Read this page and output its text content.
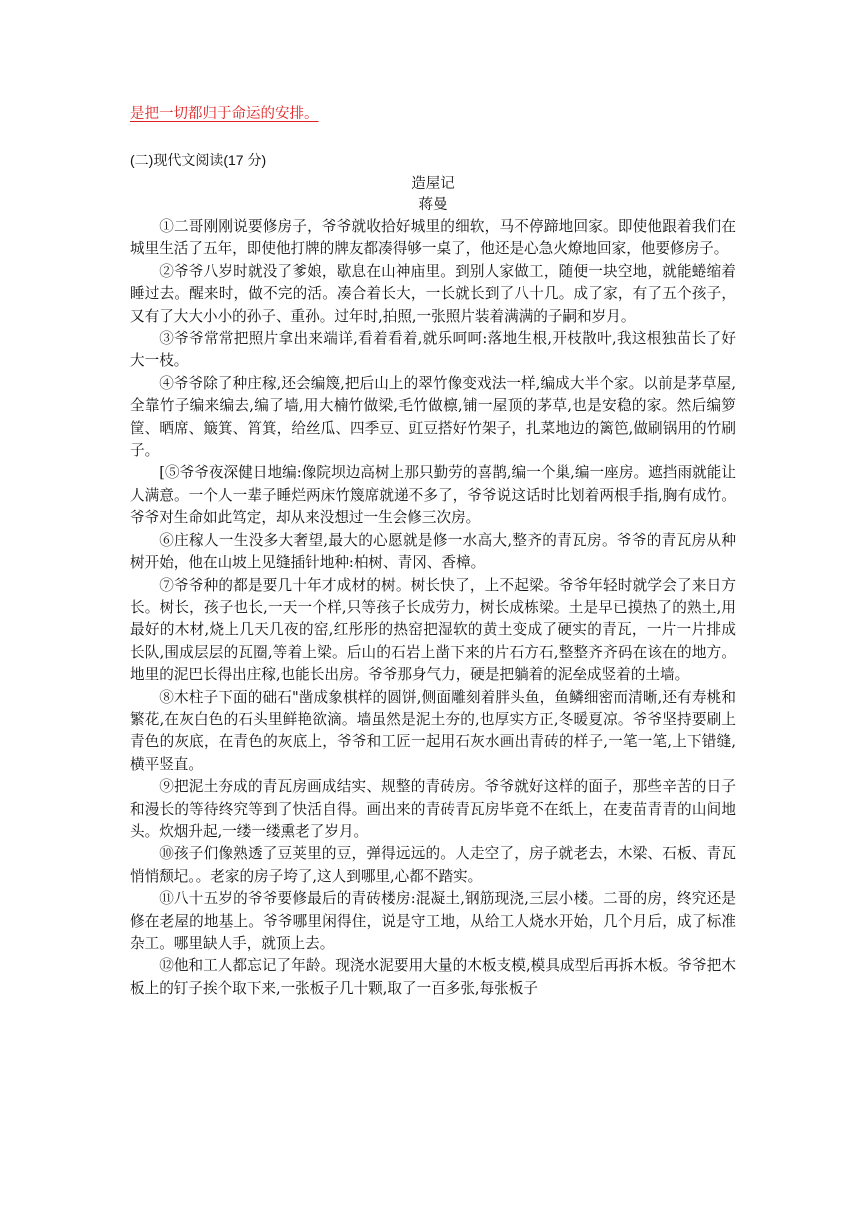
是把一切都归于命运的安排。
(二)现代文阅读(17 分)
造屋记
蒋曼

①二哥刚刚说要修房子，爷爷就收拾好城里的细软，马不停蹄地回家。即使他跟着我们在城里生活了五年，即使他打牌的牌友都凑得够一桌了，他还是心急火燎地回家，他要修房子。

②爷爷八岁时就没了爹娘，歇息在山神庙里。到别人家做工，随便一块空地，就能蜷缩着睡过去。醒来时，做不完的活。凑合着长大，一长就长到了八十几。成了家，有了五个孩子，又有了大大小小的孙子、重孙。过年时,拍照,一张照片装着满满的子嗣和岁月。

③爷爷常常把照片拿出来端详,看着看着,就乐呵呵:落地生根,开枝散叶,我这根独苗长了好大一枝。

④爷爷除了种庄稼,还会编篾,把后山上的翠竹像变戏法一样,编成大半个家。以前是茅草屋,全靠竹子编来编去,编了墙,用大楠竹做梁,毛竹做檩,铺一屋顶的茅草,也是安稳的家。然后编箩筐、晒席、簸箕、筲箕，给丝瓜、四季豆、豇豆搭好竹架子，扎菜地边的篱笆,做刷锅用的竹刷子。

[⑤爷爷夜深健日地编:像院坝边高树上那只勤劳的喜鹊,编一个巢,编一座房。遮挡雨就能让人满意。一个人一辈子睡烂两床竹篾席就递不多了，爷爷说这话时比划着两根手指,胸有成竹。爷爷对生命如此笃定，却从来没想过一生会修三次房。

⑥庄稼人一生没多大奢望,最大的心愿就是修一水高大,整齐的青瓦房。爷爷的青瓦房从种树开始，他在山坡上见缝插针地种:柏树、青冈、香樟。

⑦爷爷种的都是要几十年才成材的树。树长快了，上不起梁。爷爷年轻时就学会了来日方长。树长，孩子也长,一天一个样,只等孩子长成劳力，树长成栋梁。土是早已摸热了的熟土,用最好的木材,烧上几天几夜的窑,红彤彤的热窑把湿软的黄土变成了硬实的青瓦，一片一片排成长队,围成层层的瓦圈,等着上梁。后山的石岩上凿下来的片石方石,整整齐齐码在该在的地方。地里的泥巴长得出庄稼,也能长出房。爷爷那身气力，硬是把躺着的泥垒成竖着的土墙。

⑧木柱子下面的础石"凿成象棋样的圆饼,侧面雕刻着胖头鱼，鱼鳞细密而清晰,还有寿桃和繁花,在灰白色的石头里鲜艳欲滴。墙虽然是泥土夯的,也厚实方正,冬暖夏凉。爷爷坚持要刷上青色的灰底，在青色的灰底上，爷爷和工匠一起用石灰水画出青砖的样子,一笔一笔,上下错缝,横平竖直。

⑨把泥土夯成的青瓦房画成结实、规整的青砖房。爷爷就好这样的面子，那些辛苦的日子和漫长的等待终究等到了快活自得。画出来的青砖青瓦房毕竟不在纸上，在麦苗青青的山间地头。炊烟升起,一缕一缕熏老了岁月。

⑩孩子们像熟透了豆荚里的豆，弹得远远的。人走空了，房子就老去，木梁、石板、青瓦悄悄颓圮。。老家的房子垮了,这人到哪里,心都不踏实。

⑪八十五岁的爷爷要修最后的青砖楼房:混凝土,钢筋现浇,三层小楼。二哥的房，终究还是修在老屋的地基上。爷爷哪里闲得住，说是守工地，从给工人烧水开始，几个月后，成了标准杂工。哪里缺人手，就顶上去。

⑫他和工人都忘记了年龄。现浇水泥要用大量的木板支模,模具成型后再拆木板。爷爷把木板上的钉子挨个取下来,一张板子几十颗,取了一百多张,每张板子
